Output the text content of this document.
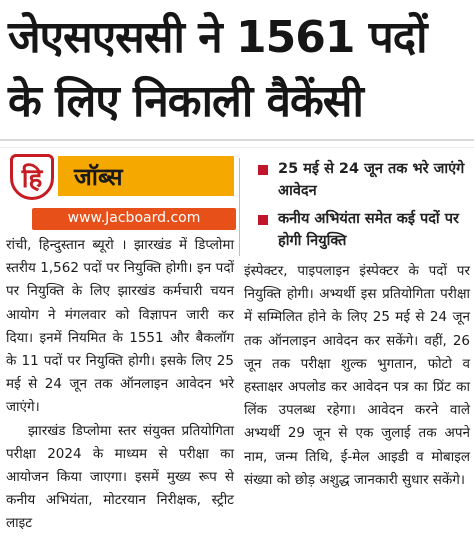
जेएसएससी ने 1561 पदों
के लिए निकाली वैकेंसी
हि	जॉब्स
www.Jacboard.com
25 मई से 24 जून तक भरे जाएंगे आवेदन
कनीय अभियंता समेत कई पदों पर होगी नियुक्ति

रांची, हिन्दुस्तान ब्यूरो । झारखंड में डिप्लोमा स्तरीय 1,562 पदों पर नियुक्ति होगी। इन पदों पर नियुक्ति के लिए झारखंड कर्मचारी चयन आयोग ने मंगलवार को विज्ञापन जारी कर दिया। इनमें नियमित के 1551 और बैकलॉग के 11 पदों पर नियुक्ति होगी। इसके लिए 25 मई से 24 जून तक ऑनलाइन आवेदन भरे जाएंगे।

झारखंड डिप्लोमा स्तर संयुक्त प्रतियोगिता परीक्षा 2024 के माध्यम से परीक्षा का आयोजन किया जाएगा। इसमें मुख्य रूप से कनीय अभियंता, मोटरयान निरीक्षक, स्ट्रीट लाइट

इंस्पेक्टर, पाइपलाइन इंस्पेक्टर के पदों पर नियुक्ति होगी। अभ्यर्थी इस प्रतियोगिता परीक्षा में सम्मिलित होने के लिए 25 मई से 24 जून तक ऑनलाइन आवेदन कर सकेंगे। वहीं, 26 जून तक परीक्षा शुल्क भुगतान, फोटो व हस्ताक्षर अपलोड कर आवेदन पत्र का प्रिंट का लिंक उपलब्ध रहेगा। आवेदन करने वाले अभ्यर्थी 29 जून से एक जुलाई तक अपने नाम, जन्म तिथि, ई-मेल आइडी व मोबाइल संख्या को छोड़ अशुद्ध जानकारी सुधार सकेंगे।
